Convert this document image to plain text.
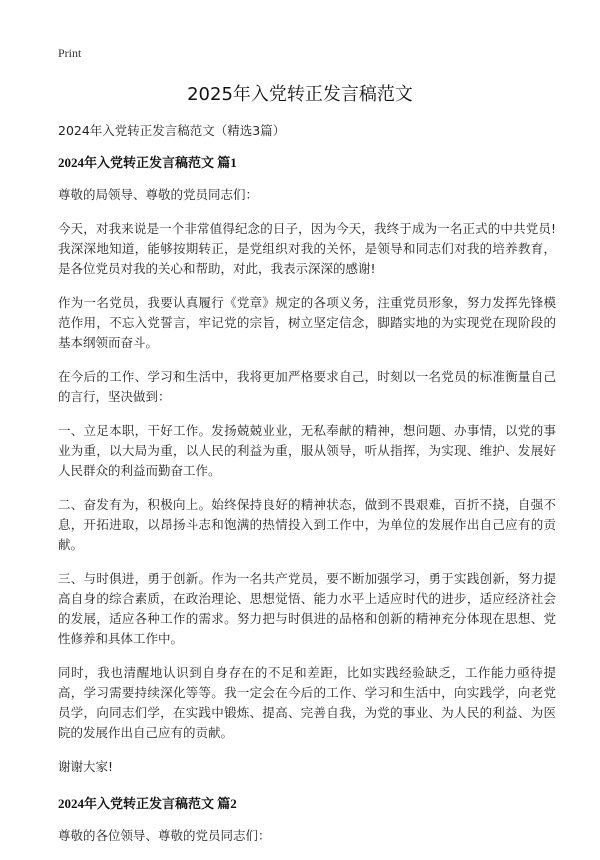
Print
2025年入党转正发言稿范文
2024年入党转正发言稿范文（精选3篇）
2024年入党转正发言稿范文 篇1

尊敬的局领导、尊敬的党员同志们：

今天，对我来说是一个非常值得纪念的日子，因为今天，我终于成为一名正式的中共党员!我深深地知道，能够按期转正，是党组织对我的关怀，是领导和同志们对我的培养教育，是各位党员对我的关心和帮助，对此，我表示深深的感谢!

作为一名党员，我要认真履行《党章》规定的各项义务，注重党员形象，努力发挥先锋模范作用，不忘入党誓言，牢记党的宗旨，树立坚定信念，脚踏实地的为实现党在现阶段的基本纲领而奋斗。

在今后的工作、学习和生活中，我将更加严格要求自己，时刻以一名党员的标准衡量自己的言行，坚决做到：

一、立足本职，干好工作。发扬兢兢业业，无私奉献的精神，想问题、办事情，以党的事业为重，以大局为重，以人民的利益为重，服从领导，听从指挥，为实现、维护、发展好人民群众的利益而勤奋工作。

二、奋发有为，积极向上。始终保持良好的精神状态，做到不畏艰难，百折不挠，自强不息，开拓进取，以昂扬斗志和饱满的热情投入到工作中，为单位的发展作出自己应有的贡献。

三、与时俱进，勇于创新。作为一名共产党员，要不断加强学习，勇于实践创新，努力提高自身的综合素质，在政治理论、思想觉悟、能力水平上适应时代的进步，适应经济社会的发展，适应各种工作的需求。努力把与时俱进的品格和创新的精神充分体现在思想、党性修养和具体工作中。

同时，我也清醒地认识到自身存在的不足和差距，比如实践经验缺乏，工作能力亟待提高，学习需要持续深化等等。我一定会在今后的工作、学习和生活中，向实践学，向老党员学，向同志们学，在实践中锻炼、提高、完善自我，为党的事业、为人民的利益、为医院的发展作出自己应有的贡献。

谢谢大家!

2024年入党转正发言稿范文 篇2

尊敬的各位领导、尊敬的党员同志们：
